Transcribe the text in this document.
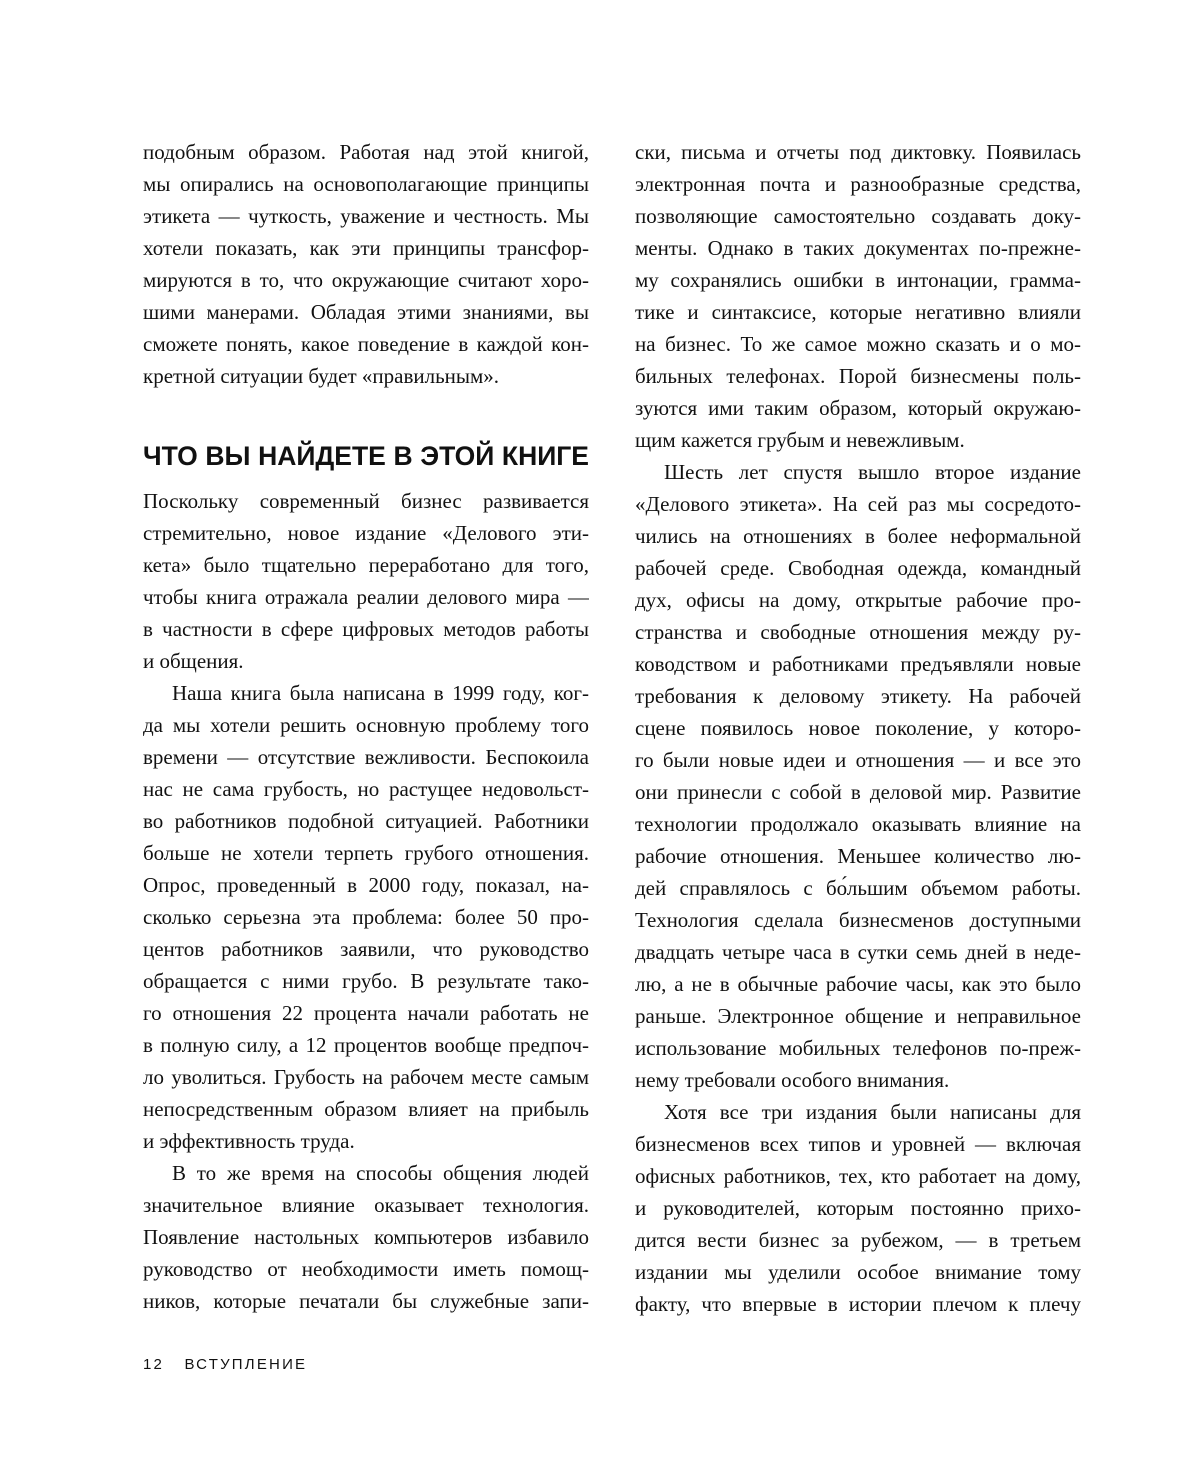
подобным образом. Работая над этой книгой,
мы опирались на основополагающие принципы
этикета — чуткость, уважение и честность. Мы
хотели показать, как эти принципы трансфор-
мируются в то, что окружающие считают хоро-
шими манерами. Обладая этими знаниями, вы
сможете понять, какое поведение в каждой кон-
кретной ситуации будет «правильным».
ЧТО ВЫ НАЙДЕТЕ В ЭТОЙ КНИГЕ
Поскольку современный бизнес развивается
стремительно, новое издание «Делового эти-
кета» было тщательно переработано для того,
чтобы книга отражала реалии делового мира —
в частности в сфере цифровых методов работы
и общения.
Наша книга была написана в 1999 году, ког-
да мы хотели решить основную проблему того
времени — отсутствие вежливости. Беспокоила
нас не сама грубость, но растущее недовольст-
во работников подобной ситуацией. Работники
больше не хотели терпеть грубого отношения.
Опрос, проведенный в 2000 году, показал, на-
сколько серьезна эта проблема: более 50 про-
центов работников заявили, что руководство
обращается с ними грубо. В результате тако-
го отношения 22 процента начали работать не
в полную силу, а 12 процентов вообще предпоч-
ло уволиться. Грубость на рабочем месте самым
непосредственным образом влияет на прибыль
и эффективность труда.
В то же время на способы общения людей
значительное влияние оказывает технология.
Появление настольных компьютеров избавило
руководство от необходимости иметь помощ-
ников, которые печатали бы служебные запи-
ски, письма и отчеты под диктовку. Появилась
электронная почта и разнообразные средства,
позволяющие самостоятельно создавать доку-
менты. Однако в таких документах по-прежне-
му сохранялись ошибки в интонации, грамма-
тике и синтаксисе, которые негативно влияли
на бизнес. То же самое можно сказать и о мо-
бильных телефонах. Порой бизнесмены поль-
зуются ими таким образом, который окружаю-
щим кажется грубым и невежливым.
Шесть лет спустя вышло второе издание
«Делового этикета». На сей раз мы сосредото-
чились на отношениях в более неформальной
рабочей среде. Свободная одежда, командный
дух, офисы на дому, открытые рабочие про-
странства и свободные отношения между ру-
ководством и работниками предъявляли новые
требования к деловому этикету. На рабочей
сцене появилось новое поколение, у которо-
го были новые идеи и отношения — и все это
они принесли с собой в деловой мир. Развитие
технологии продолжало оказывать влияние на
рабочие отношения. Меньшее количество лю-
дей справлялось с бо́льшим объемом работы.
Технология сделала бизнесменов доступными
двадцать четыре часа в сутки семь дней в неде-
лю, а не в обычные рабочие часы, как это было
раньше. Электронное общение и неправильное
использование мобильных телефонов по-преж-
нему требовали особого внимания.
Хотя все три издания были написаны для
бизнесменов всех типов и уровней — включая
офисных работников, тех, кто работает на дому,
и руководителей, которым постоянно прихо-
дится вести бизнес за рубежом, — в третьем
издании мы уделили особое внимание тому
факту, что впервые в истории плечом к плечу
12 ВСТУПЛЕНИЕ
